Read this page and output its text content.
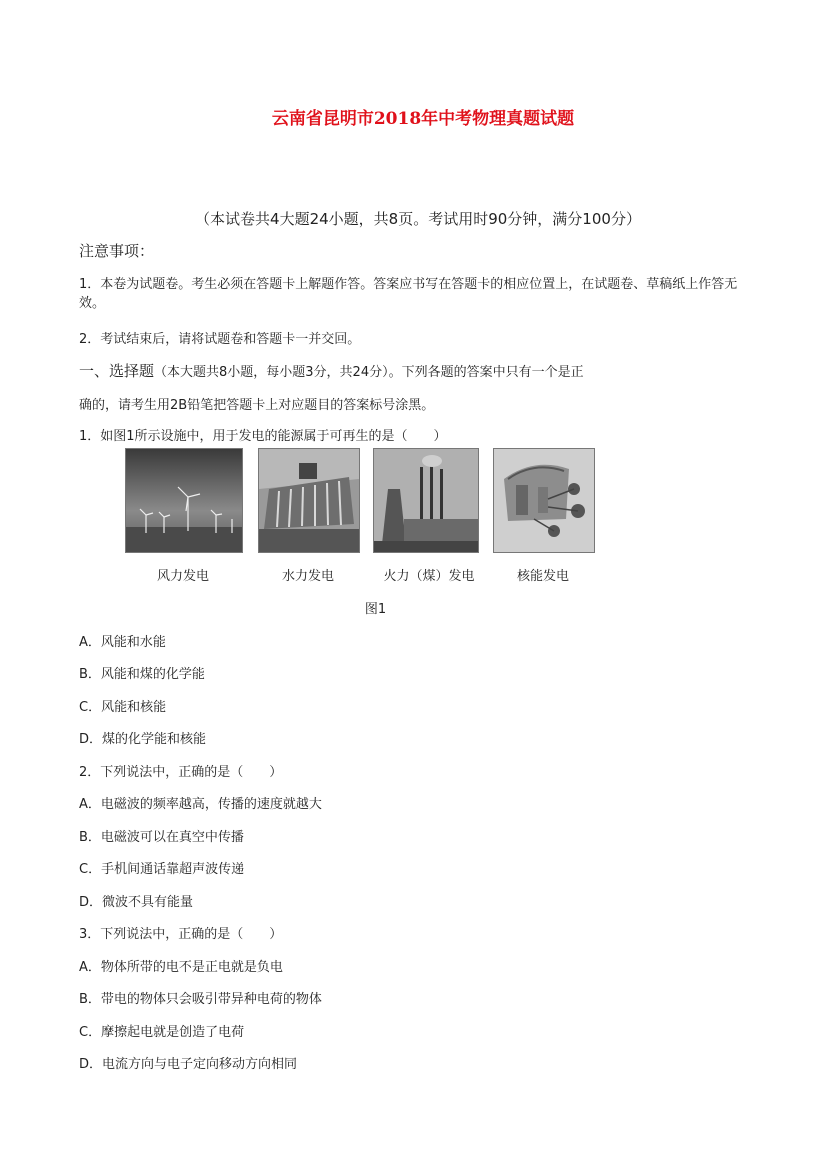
云南省昆明市2018年中考物理真题试题
（本试卷共4大题24小题，共8页。考试用时90分钟，满分100分）
注意事项：
1．本卷为试题卷。考生必须在答题卡上解题作答。答案应书写在答题卡的相应位置上，在试题卷、草稿纸上作答无效。
2．考试结束后，请将试题卷和答题卡一并交回。
一、选择题（本大题共8小题，每小题3分，共24分）。下列各题的答案中只有一个是正
确的，请考生用2B铅笔把答题卡上对应题目的答案标号涂黑。
1．如图1所示设施中，用于发电的能源属于可再生的是（　　）
风力发电	水力发电	火力（煤）发电	核能发电
图1
A．风能和水能
B．风能和煤的化学能
C．风能和核能
D．煤的化学能和核能
2．下列说法中，正确的是（　　）
A．电磁波的频率越高，传播的速度就越大
B．电磁波可以在真空中传播
C．手机间通话靠超声波传递
D．微波不具有能量
3．下列说法中，正确的是（　　）
A．物体所带的电不是正电就是负电
B．带电的物体只会吸引带异种电荷的物体
C．摩擦起电就是创造了电荷
D．电流方向与电子定向移动方向相同
